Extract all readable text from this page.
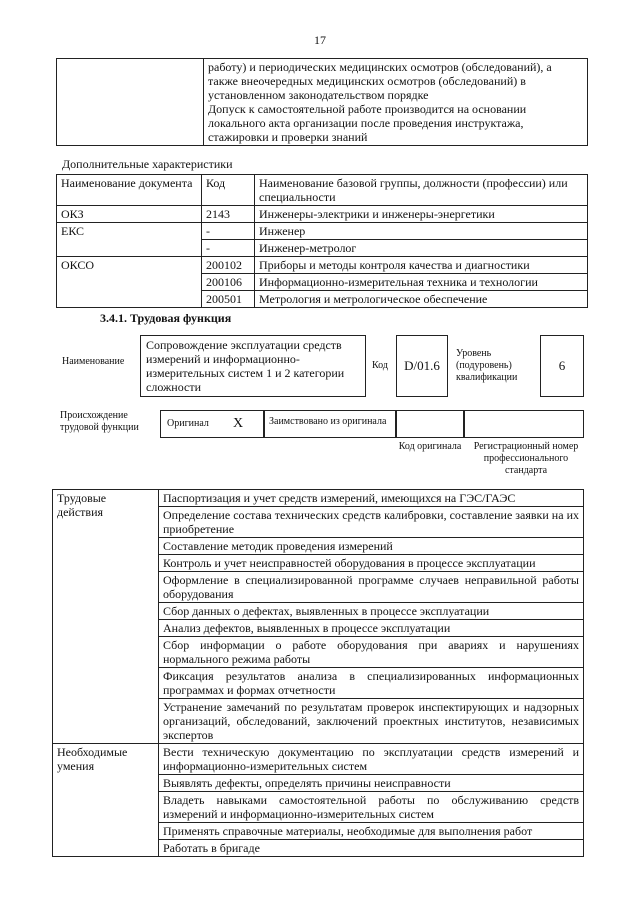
17

работу) и периодических медицинских осмотров (обследований), а
также внеочередных медицинских осмотров (обследований) в
установленном законодательством порядке
Допуск к самостоятельной работе производится на основании
локального акта организации после проведения инструктажа,
стажировки и проверки знаний
Дополнительные характеристики
Наименование документа	Код	Наименование базовой группы, должности (профессии) или специальности
ОКЗ	2143	Инженеры-электрики и инженеры-энергетики
ЕКС	-	Инженер
	-	Инженер-метролог
ОКСО	200102	Приборы и методы контроля качества и диагностики
	200106	Информационно-измерительная техника и технологии
	200501	Метрология и метрологическое обеспечение
3.4.1. Трудовая функция
Наименование
Сопровождение эксплуатации средств измерений и информационно-измерительных систем 1 и 2 категории сложности
Код	D/01.6
Уровень (подуровень) квалификации
6
Происхождение трудовой функции	Оригинал X	Заимствовано из оригинала
Код оригинала	Регистрационный номер профессионального стандарта
Трудовые действия	Паспортизация и учет средств измерений, имеющихся на ГЭС/ГАЭС
	Определение состава технических средств калибровки, составление заявки на их приобретение
	Составление методик проведения измерений
	Контроль и учет неисправностей оборудования в процессе эксплуатации
	Оформление в специализированной программе случаев неправильной работы оборудования
	Сбор данных о дефектах, выявленных в процессе эксплуатации
	Анализ дефектов, выявленных в процессе эксплуатации
	Сбор информации о работе оборудования при авариях и нарушениях нормального режима работы
	Фиксация результатов анализа в специализированных информационных программах и формах отчетности
	Устранение замечаний по результатам проверок инспектирующих и надзорных организаций, обследований, заключений проектных институтов, независимых экспертов
Необходимые умения	Вести техническую документацию по эксплуатации средств измерений и информационно-измерительных систем
	Выявлять дефекты, определять причины неисправности
	Владеть навыками самостоятельной работы по обслуживанию средств измерений и информационно-измерительных систем
	Применять справочные материалы, необходимые для выполнения работ
	Работать в бригаде
